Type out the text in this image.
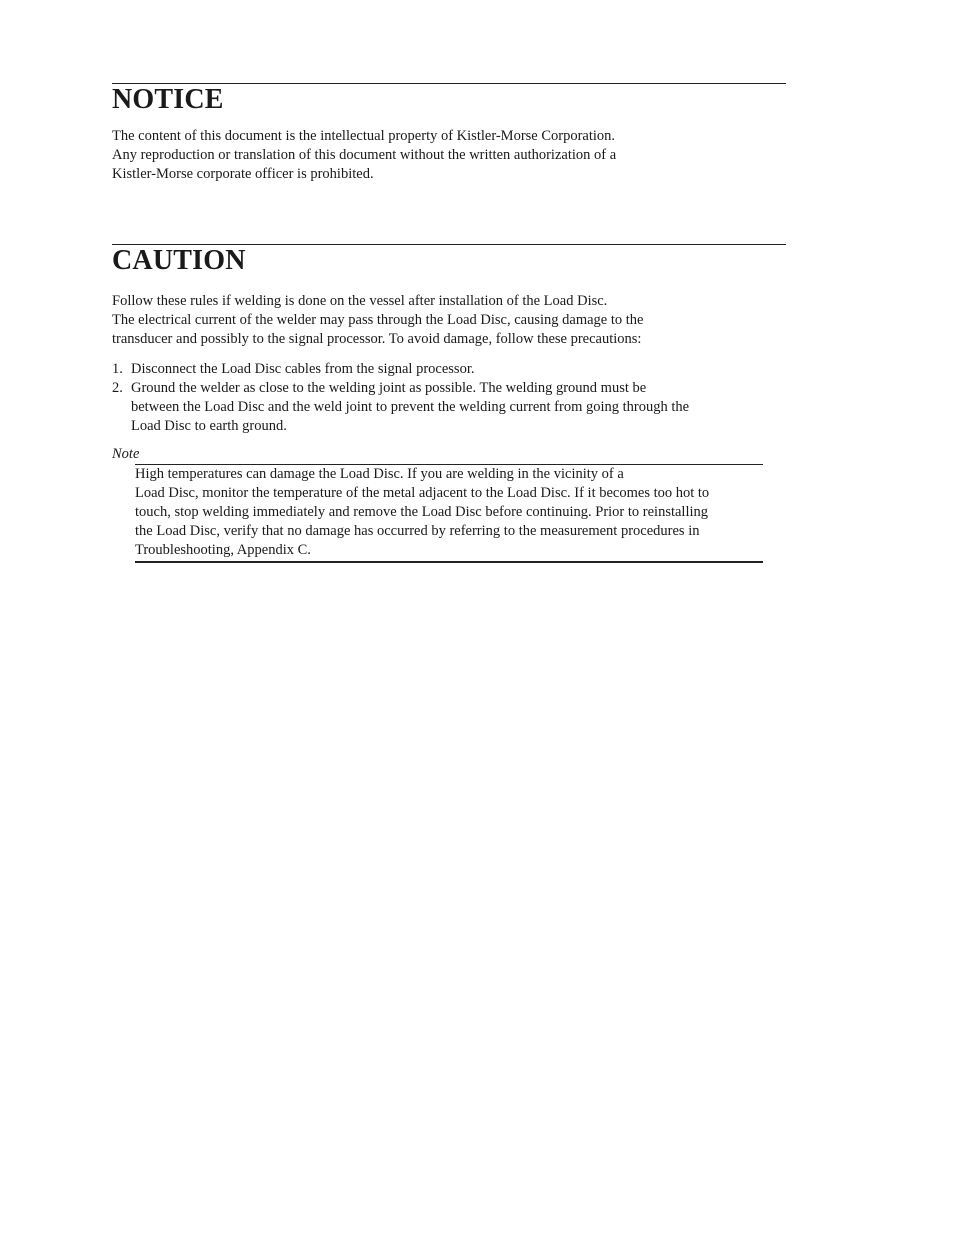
NOTICE
The content of this document is the intellectual property of Kistler-Morse Corporation.
Any reproduction or translation of this document without the written authorization of a
Kistler-Morse corporate officer is prohibited.
CAUTION
Follow these rules if welding is done on the vessel after installation of the Load Disc.
The electrical current of the welder may pass through the Load Disc, causing damage to the
transducer and possibly to the signal processor. To avoid damage, follow these precautions:
1. Disconnect the Load Disc cables from the signal processor.
2. Ground the welder as close to the welding joint as possible. The welding ground must be
between the Load Disc and the weld joint to prevent the welding current from going through the
Load Disc to earth ground.
Note
High temperatures can damage the Load Disc. If you are welding in the vicinity of a
Load Disc, monitor the temperature of the metal adjacent to the Load Disc. If it becomes too hot to
touch, stop welding immediately and remove the Load Disc before continuing. Prior to reinstalling
the Load Disc, verify that no damage has occurred by referring to the measurement procedures in
Troubleshooting, Appendix C.
